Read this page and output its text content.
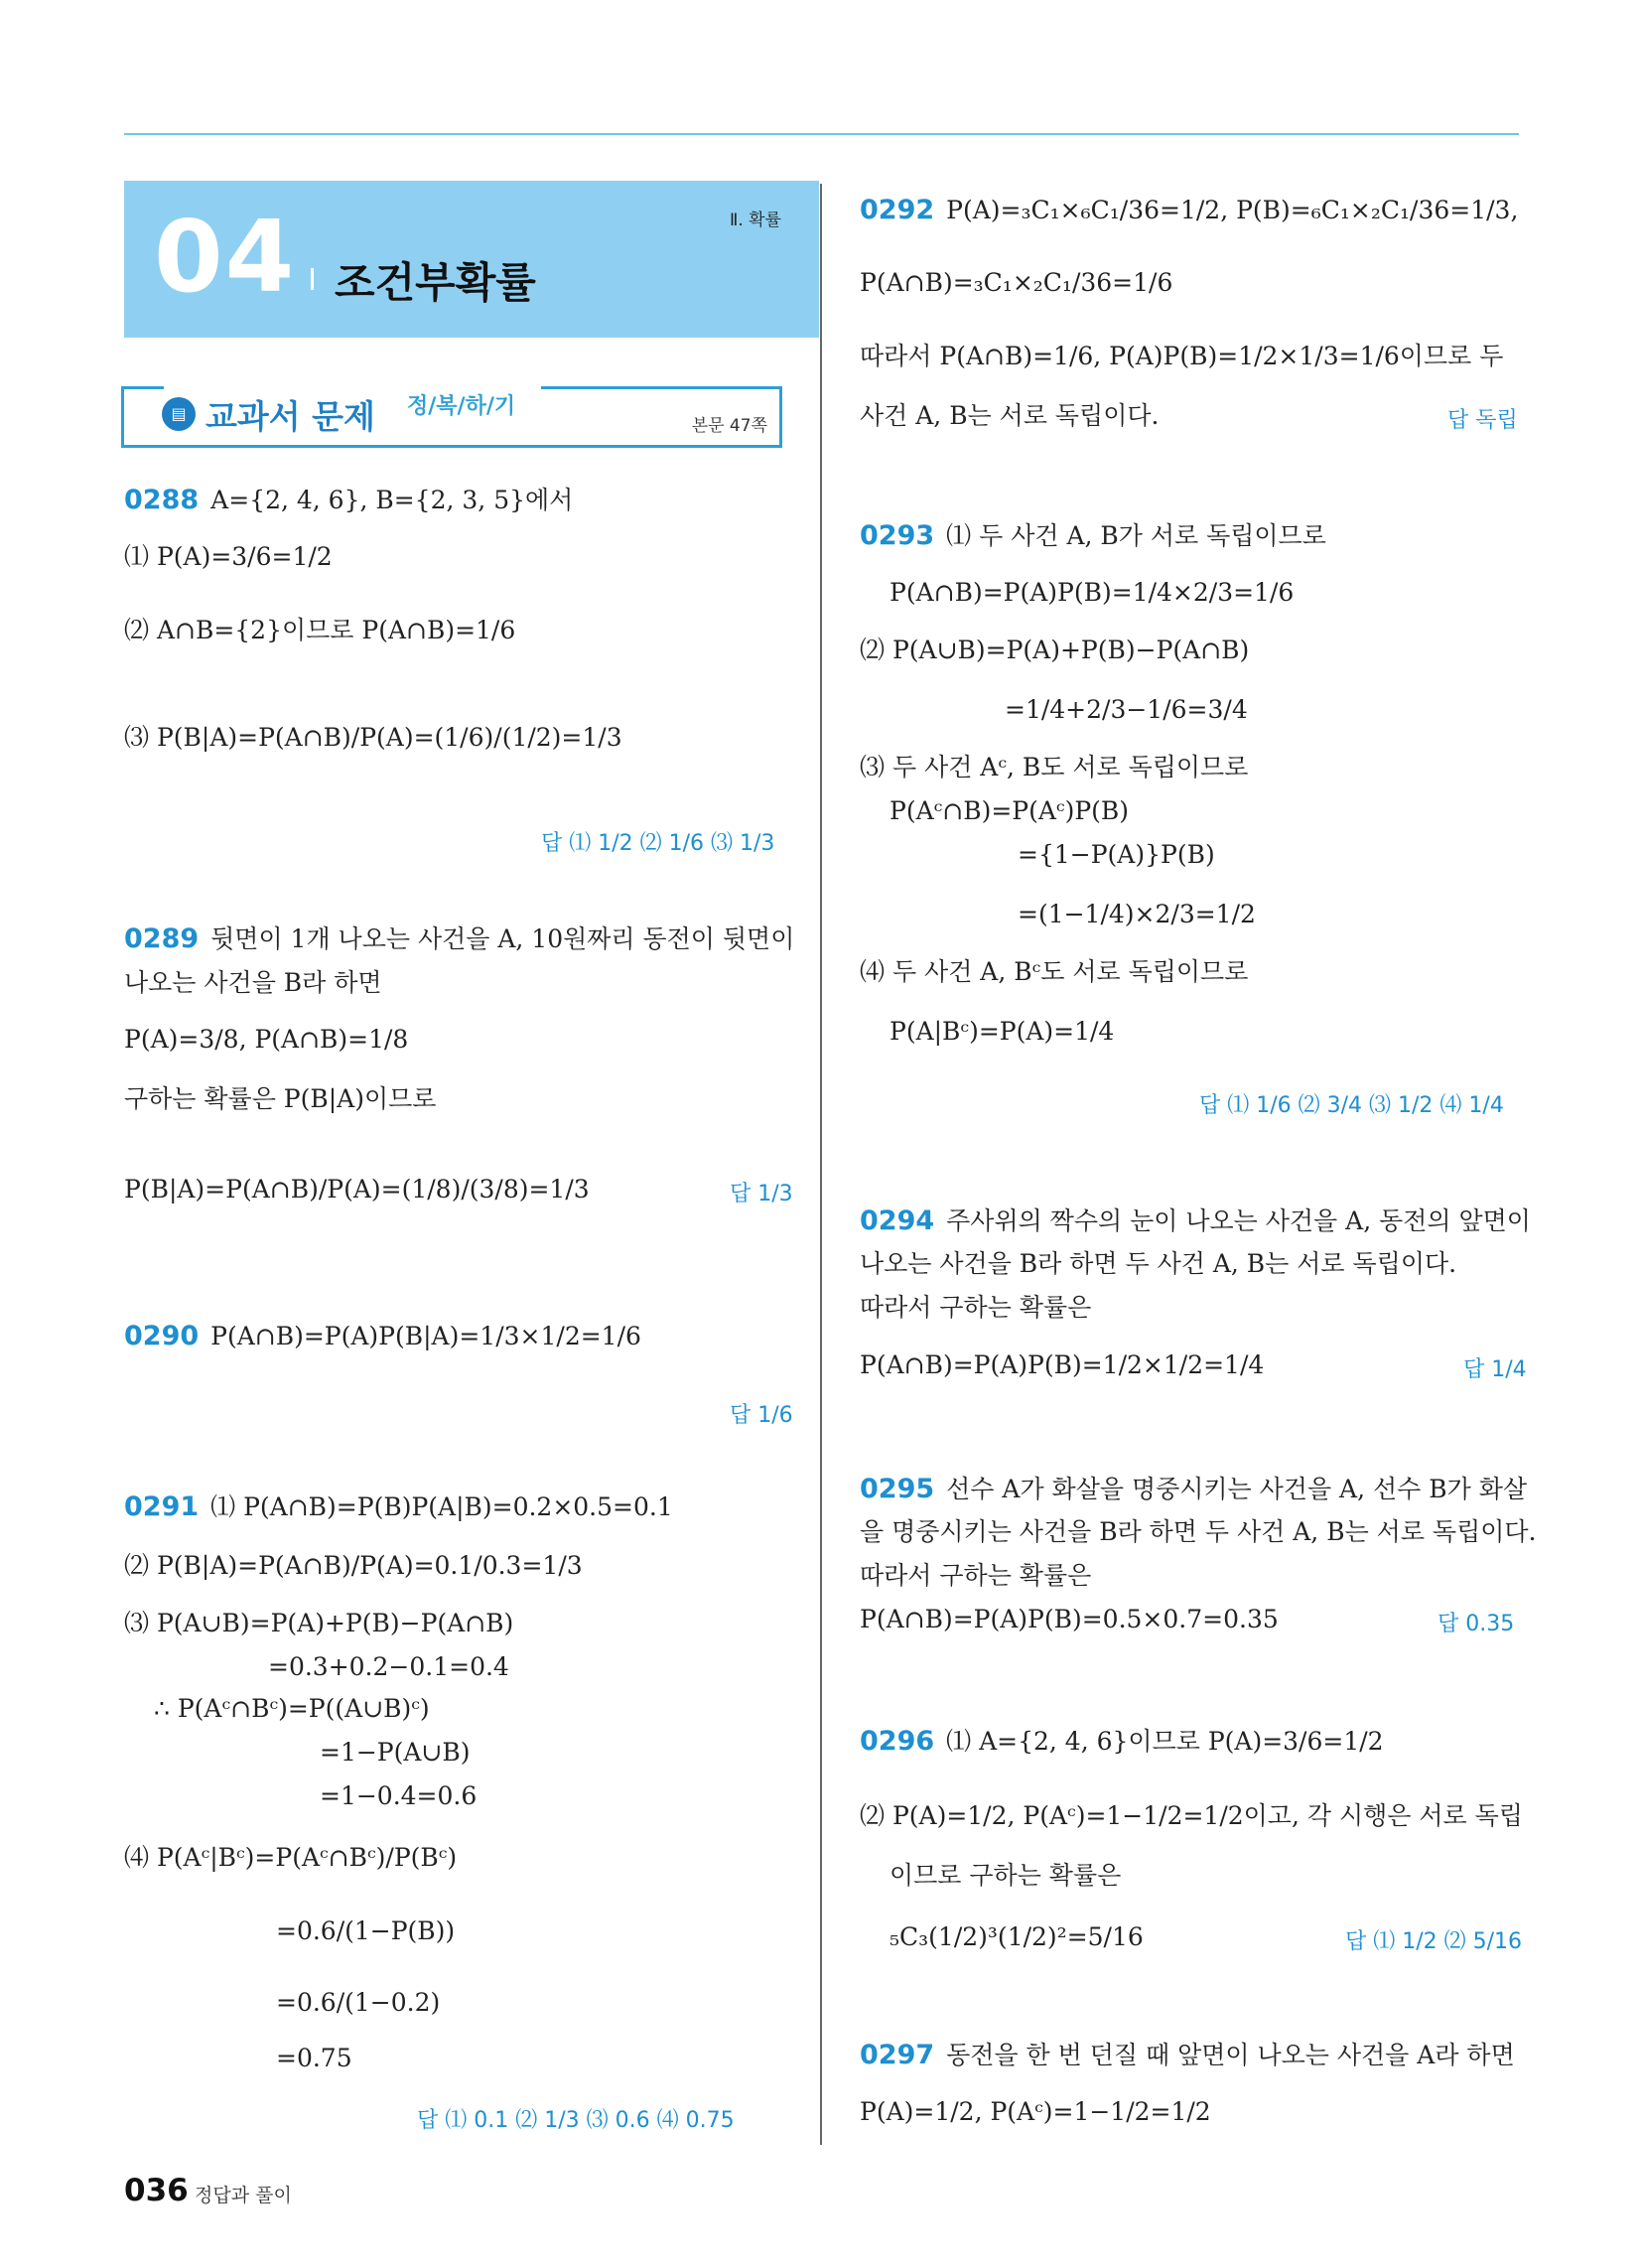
04 조건부확률
Ⅱ. 확률
▤ 교과서 문제 정/복/하/기
본문 47쪽
0288 A={2, 4, 6}, B={2, 3, 5}에서
⑴ P(A)=3/6=1/2
⑵ A∩B={2}이므로 P(A∩B)=1/6
⑶ P(B|A)=P(A∩B)/P(A)=(1/6)/(1/2)=1/3
답 ⑴ 1/2 ⑵ 1/6 ⑶ 1/3
0289 뒷면이 1개 나오는 사건을 A, 10원짜리 동전이 뒷면이
나오는 사건을 B라 하면
P(A)=3/8, P(A∩B)=1/8
구하는 확률은 P(B|A)이므로
P(B|A)=P(A∩B)/P(A)=(1/8)/(3/8)=1/3	답 1/3
0290 P(A∩B)=P(A)P(B|A)=1/3×1/2=1/6
답 1/6
0291 ⑴ P(A∩B)=P(B)P(A|B)=0.2×0.5=0.1
⑵ P(B|A)=P(A∩B)/P(A)=0.1/0.3=1/3
⑶ P(A∪B)=P(A)+P(B)−P(A∩B)
=0.3+0.2−0.1=0.4
∴ P(Aᶜ∩Bᶜ)=P((A∪B)ᶜ)
=1−P(A∪B)
=1−0.4=0.6
⑷ P(Aᶜ|Bᶜ)=P(Aᶜ∩Bᶜ)/P(Bᶜ)
=0.6/(1−P(B))
=0.6/(1−0.2)
=0.75
답 ⑴ 0.1 ⑵ 1/3 ⑶ 0.6 ⑷ 0.75
0292 P(A)=₃C₁×₆C₁/36=1/2, P(B)=₆C₁×₂C₁/36=1/3,
P(A∩B)=₃C₁×₂C₁/36=1/6
따라서 P(A∩B)=1/6, P(A)P(B)=1/2×1/3=1/6이므로 두
사건 A, B는 서로 독립이다.	답 독립
0293 ⑴ 두 사건 A, B가 서로 독립이므로
P(A∩B)=P(A)P(B)=1/4×2/3=1/6
⑵ P(A∪B)=P(A)+P(B)−P(A∩B)
=1/4+2/3−1/6=3/4
⑶ 두 사건 Aᶜ, B도 서로 독립이므로
P(Aᶜ∩B)=P(Aᶜ)P(B)
={1−P(A)}P(B)
=(1−1/4)×2/3=1/2
⑷ 두 사건 A, Bᶜ도 서로 독립이므로
P(A|Bᶜ)=P(A)=1/4
답 ⑴ 1/6 ⑵ 3/4 ⑶ 1/2 ⑷ 1/4
0294 주사위의 짝수의 눈이 나오는 사건을 A, 동전의 앞면이
나오는 사건을 B라 하면 두 사건 A, B는 서로 독립이다.
따라서 구하는 확률은
P(A∩B)=P(A)P(B)=1/2×1/2=1/4	답 1/4
0295 선수 A가 화살을 명중시키는 사건을 A, 선수 B가 화살
을 명중시키는 사건을 B라 하면 두 사건 A, B는 서로 독립이다.
따라서 구하는 확률은
P(A∩B)=P(A)P(B)=0.5×0.7=0.35	답 0.35
0296 ⑴ A={2, 4, 6}이므로 P(A)=3/6=1/2
⑵ P(A)=1/2, P(Aᶜ)=1−1/2=1/2이고, 각 시행은 서로 독립
이므로 구하는 확률은
₅C₃(1/2)³(1/2)²=5/16	답 ⑴ 1/2 ⑵ 5/16
0297 동전을 한 번 던질 때 앞면이 나오는 사건을 A라 하면
P(A)=1/2, P(Aᶜ)=1−1/2=1/2
036 정답과 풀이
